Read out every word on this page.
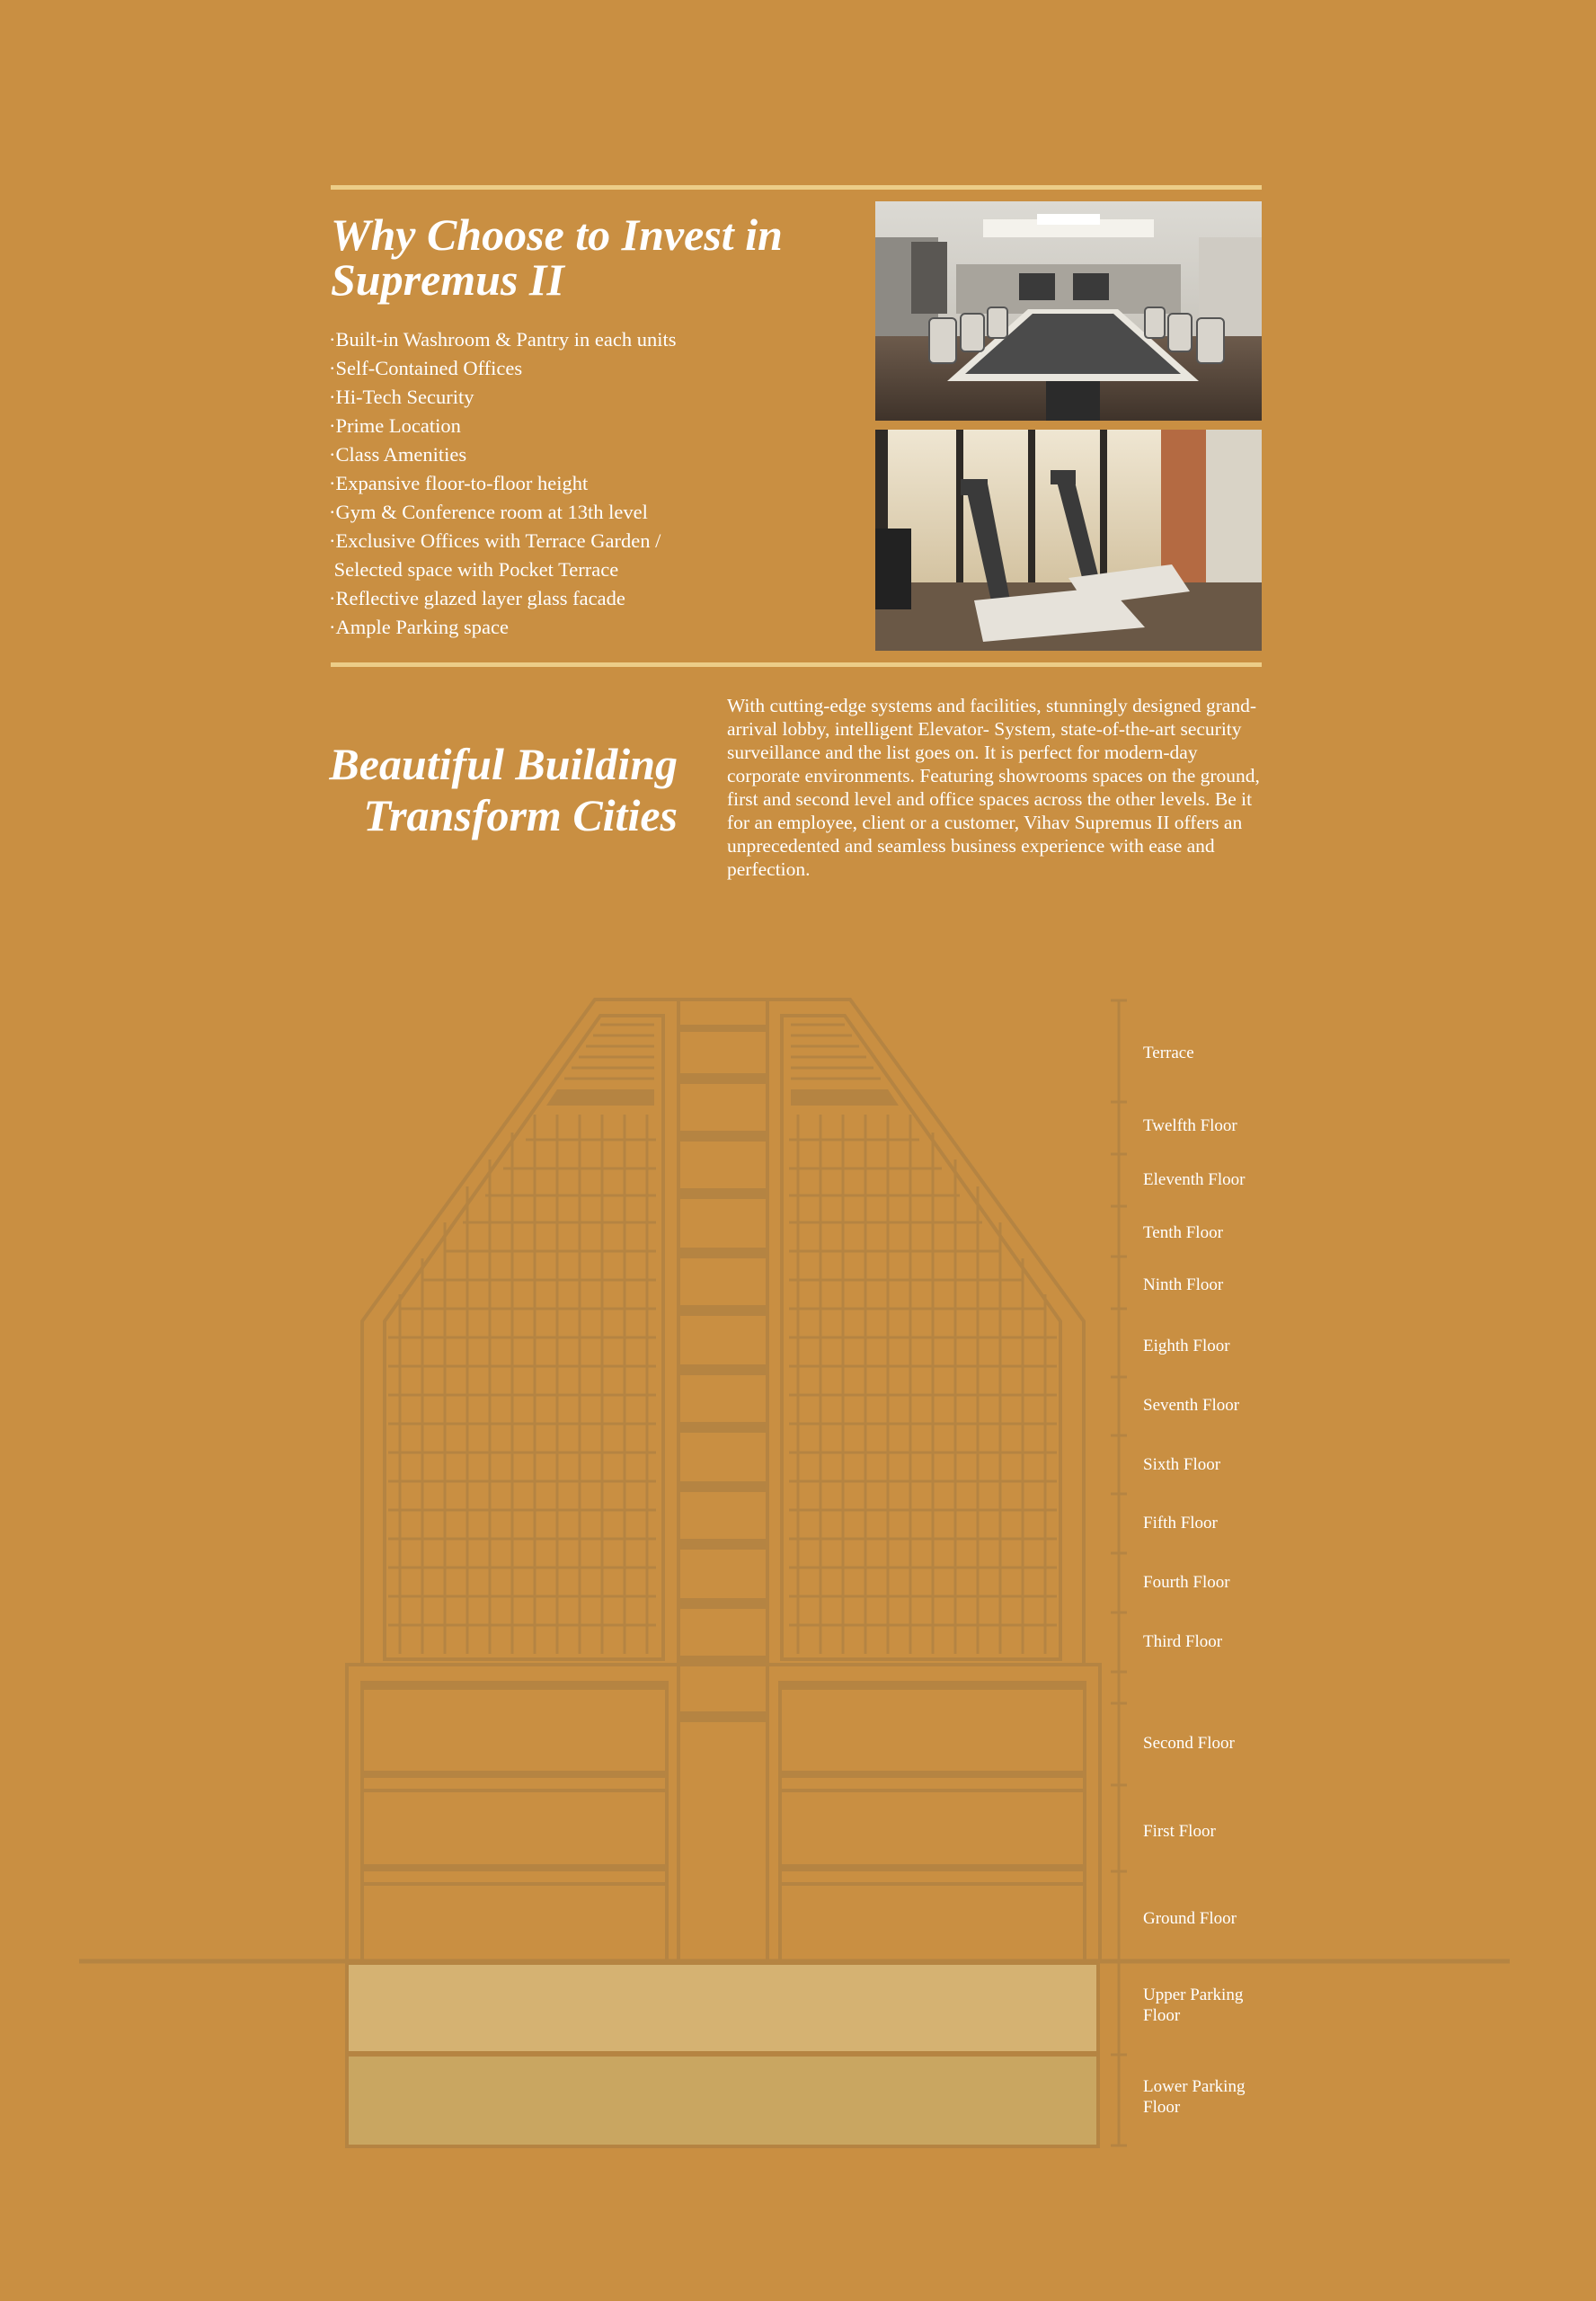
Why Choose to Invest in
Supremus II
·Built-in Washroom & Pantry in each units
·Self-Contained Offices
·Hi-Tech Security
·Prime Location
·Class Amenities
·Expansive floor-to-floor height
·Gym & Conference room at 13th level
·Exclusive Offices with Terrace Garden /
Selected space with Pocket Terrace
·Reflective glazed layer glass facade
·Ample Parking space
Beautiful Building
Transform Cities

With cutting-edge systems and facilities, stunningly designed grand-arrival lobby, intelligent Elevator- System, state-of-the-art security surveillance and the list goes on. It is perfect for modern-day corporate environments. Featuring showrooms spaces on the ground, first and second level and office spaces across the other levels. Be it for an employee, client or a customer, Vihav Supremus II offers an unprecedented and seamless business experience with ease and perfection.

Terrace
Twelfth Floor
Eleventh Floor
Tenth Floor
Ninth Floor
Eighth Floor
Seventh Floor
Sixth Floor
Fifth Floor
Fourth Floor
Third Floor
Second Floor
First Floor
Ground Floor
Upper Parking
Floor
Lower Parking
Floor
